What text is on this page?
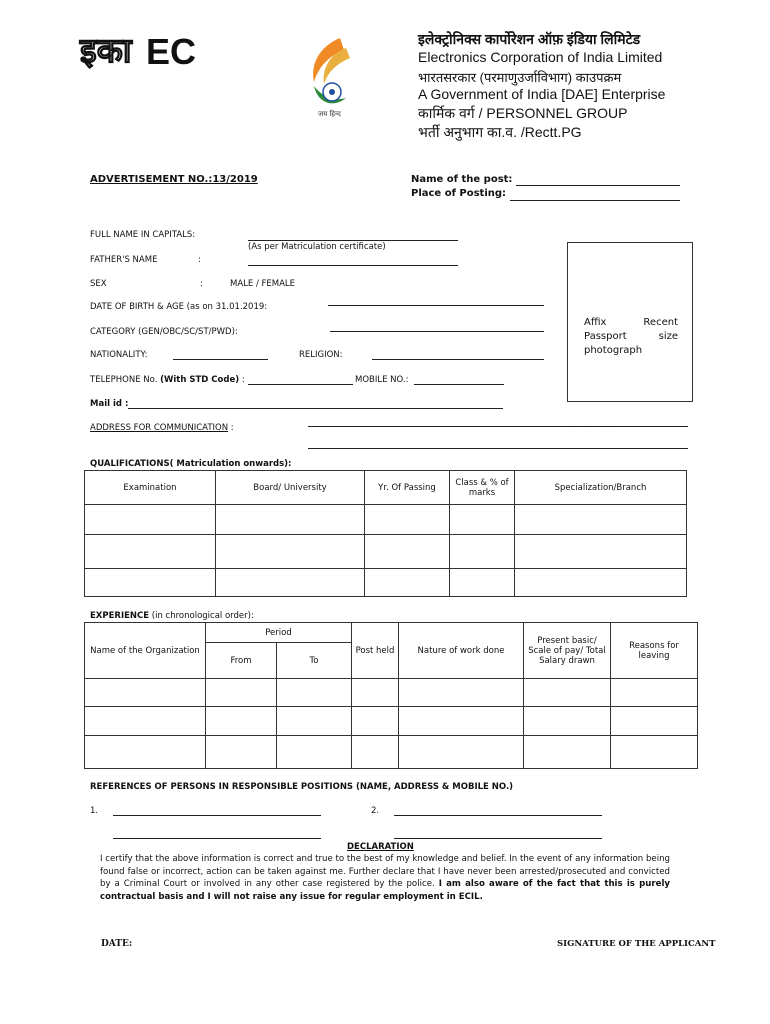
इका EC
जय हिन्द
इलेक्ट्रोनिक्स कार्पोरेशन ऑफ़ इंडिया लिमिटेड
Electronics Corporation of India Limited
भारतसरकार (परमाणुउर्जाविभाग) काउपक्रम
A Government of India [DAE] Enterprise
कार्मिक वर्ग / PERSONNEL GROUP
भर्ती अनुभाग का.व. /Rectt.PG
ADVERTISEMENT NO.:13/2019	Name of the post:
Place of Posting:
Affix Recent Passport size photograph
FULL NAME IN CAPITALS:
(As per Matriculation certificate)
FATHER'S NAME	:
SEX	:	MALE / FEMALE
DATE OF BIRTH & AGE (as on 31.01.2019:
CATEGORY (GEN/OBC/SC/ST/PWD):
NATIONALITY:	RELIGION:
TELEPHONE No. (With STD Code) :	MOBILE NO.:
Mail id :
ADDRESS FOR COMMUNICATION :	..................................
QUALIFICATIONS( Matriculation onwards):
Examination	Board/ University	Yr. Of Passing	Class & % of marks	Specialization/Branch

EXPERIENCE (in chronological order):
Name of the Organization	Period		Post held	Nature of work done	Present basic/ Scale of pay/ Total Salary drawn	Reasons for leaving
	From	To				

REFERENCES OF PERSONS IN RESPONSIBLE POSITIONS (NAME, ADDRESS & MOBILE NO.)
1.	2.
DECLARATION
I certify that the above information is correct and true to the best of my knowledge and belief. In the event of any information being found false or incorrect, action can be taken against me. Further declare that I have never been arrested/prosecuted and convicted by a Criminal Court or involved in any other case registered by the police. I am also aware of the fact that this is purely contractual basis and I will not raise any issue for regular employment in ECIL.
DATE:	SIGNATURE OF THE APPLICANT
